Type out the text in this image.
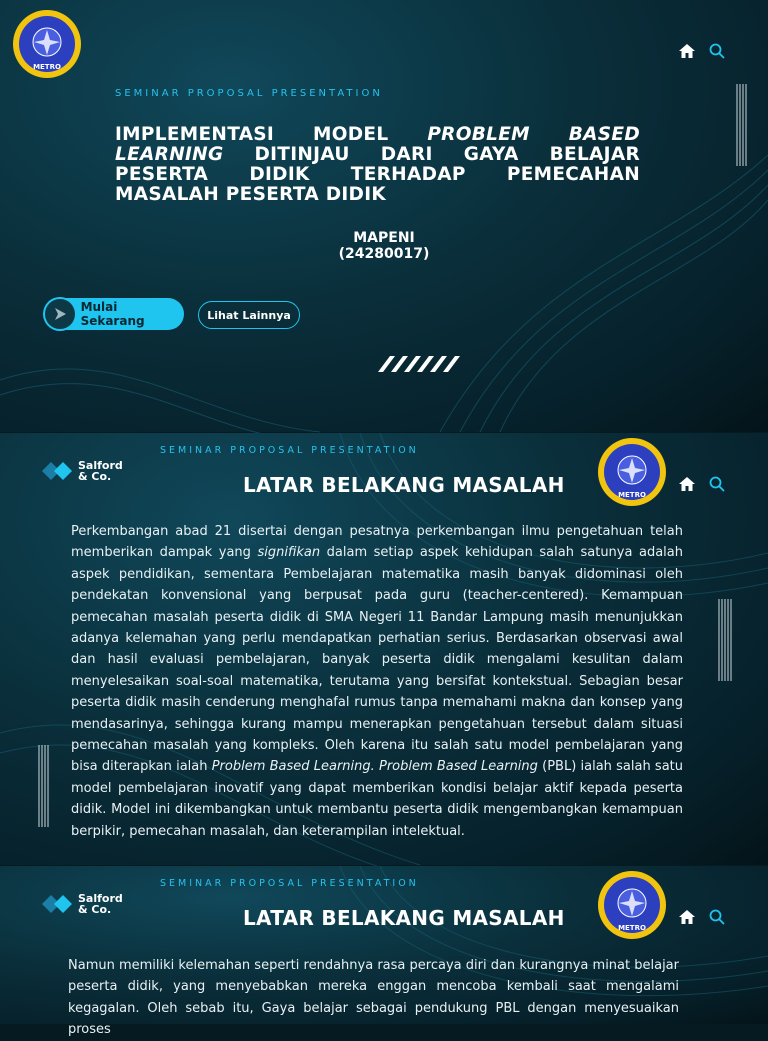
METRO
SEMINAR PROPOSAL PRESENTATION
IMPLEMENTASI MODEL PROBLEM BASED LEARNING DITINJAU DARI GAYA BELAJAR PESERTA DIDIK TERHADAP PEMECAHAN MASALAH PESERTA DIDIK
MAPENI
(24280017)
Mulai Sekarang	Lihat Lainnya
Salford
& Co.
SEMINAR PROPOSAL PRESENTATION
LATAR BELAKANG MASALAH	METRO
Perkembangan abad 21 disertai dengan pesatnya perkembangan ilmu pengetahuan telah memberikan dampak yang signifikan dalam setiap aspek kehidupan salah satunya adalah aspek pendidikan, sementara Pembelajaran matematika masih banyak didominasi oleh pendekatan konvensional yang berpusat pada guru (teacher-centered). Kemampuan pemecahan masalah peserta didik di SMA Negeri 11 Bandar Lampung masih menunjukkan adanya kelemahan yang perlu mendapatkan perhatian serius. Berdasarkan observasi awal dan hasil evaluasi pembelajaran, banyak peserta didik mengalami kesulitan dalam menyelesaikan soal-soal matematika, terutama yang bersifat kontekstual. Sebagian besar peserta didik masih cenderung menghafal rumus tanpa memahami makna dan konsep yang mendasarinya, sehingga kurang mampu menerapkan pengetahuan tersebut dalam situasi pemecahan masalah yang kompleks. Oleh karena itu salah satu model pembelajaran yang bisa diterapkan ialah Problem Based Learning. Problem Based Learning (PBL) ialah salah satu model pembelajaran inovatif yang dapat memberikan kondisi belajar aktif kepada peserta didik. Model ini dikembangkan untuk membantu peserta didik mengembangkan kemampuan berpikir, pemecahan masalah, dan keterampilan intelektual.
Salford
& Co.
SEMINAR PROPOSAL PRESENTATION
LATAR BELAKANG MASALAH	METRO
Namun memiliki kelemahan seperti rendahnya rasa percaya diri dan kurangnya minat belajar peserta didik, yang menyebabkan mereka enggan mencoba kembali saat mengalami kegagalan. Oleh sebab itu, Gaya belajar sebagai pendukung PBL dengan menyesuaikan proses
